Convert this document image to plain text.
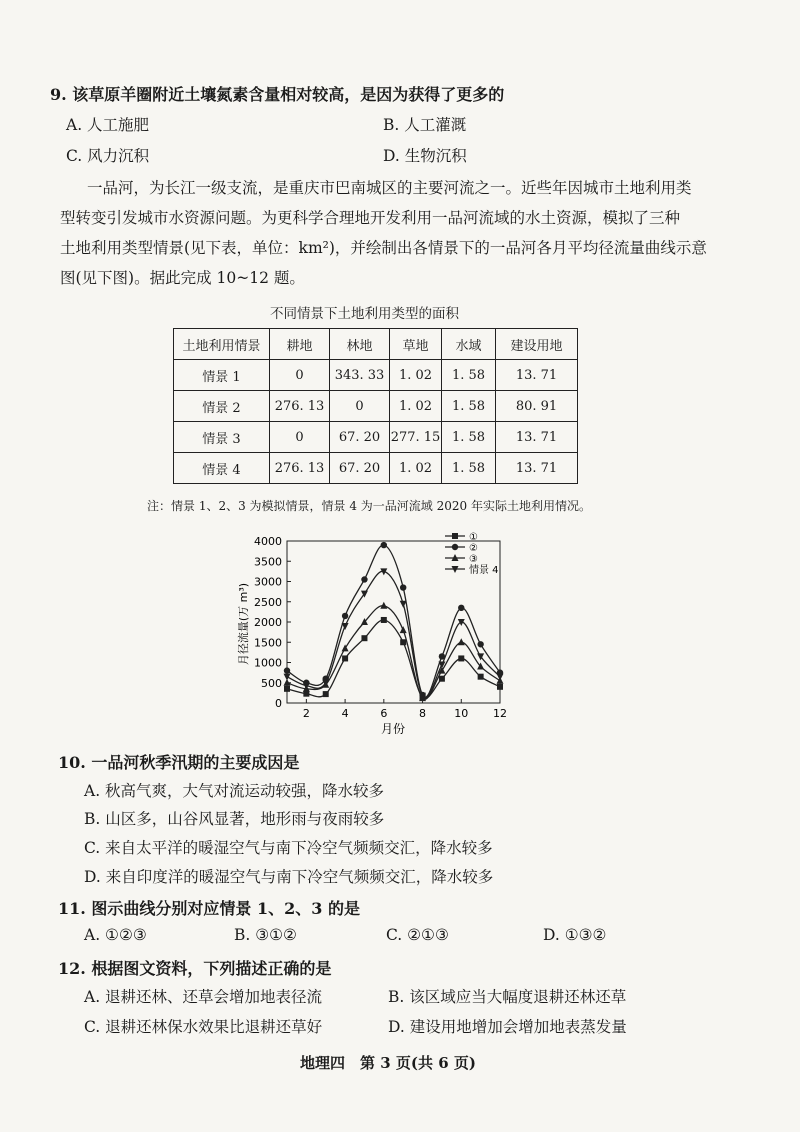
9. 该草原羊圈附近土壤氮素含量相对较高，是因为获得了更多的
A. 人工施肥	B. 人工灌溉
C. 风力沉积	D. 生物沉积
一品河，为长江一级支流，是重庆市巴南城区的主要河流之一。近些年因城市土地利用类
型转变引发城市水资源问题。为更科学合理地开发利用一品河流域的水土资源，模拟了三种
土地利用类型情景(见下表，单位：km²)，并绘制出各情景下的一品河各月平均径流量曲线示意
图(见下图)。据此完成 10~12 题。
不同情景下土地利用类型的面积
土地利用情景	耕地	林地	草地	水域	建设用地
情景 1	0	343. 33	1. 02	1. 58	13. 71
情景 2	276. 13	0	1. 02	1. 58	80. 91
情景 3	0	67. 20	277. 15	1. 58	13. 71
情景 4	276. 13	67. 20	1. 02	1. 58	13. 71
注：情景 1、2、3 为模拟情景，情景 4 为一品河流域 2020 年实际土地利用情况。
0
500
1000
1500
2000
2500
3000
3500
4000
2	4	6	8	10 12
①
②
③
情景 4
月份
月径流量(万 m³)
10. 一品河秋季汛期的主要成因是
A. 秋高气爽，大气对流运动较强，降水较多
B. 山区多，山谷风显著，地形雨与夜雨较多
C. 来自太平洋的暖湿空气与南下冷空气频频交汇，降水较多
D. 来自印度洋的暖湿空气与南下冷空气频频交汇，降水较多
11. 图示曲线分别对应情景 1、2、3 的是
A. ①②③	B. ③①②	C. ②①③	D. ①③②
12. 根据图文资料，下列描述正确的是
A. 退耕还林、还草会增加地表径流	B. 该区域应当大幅度退耕还林还草
C. 退耕还林保水效果比退耕还草好	D. 建设用地增加会增加地表蒸发量
地理四　第 3 页(共 6 页)
